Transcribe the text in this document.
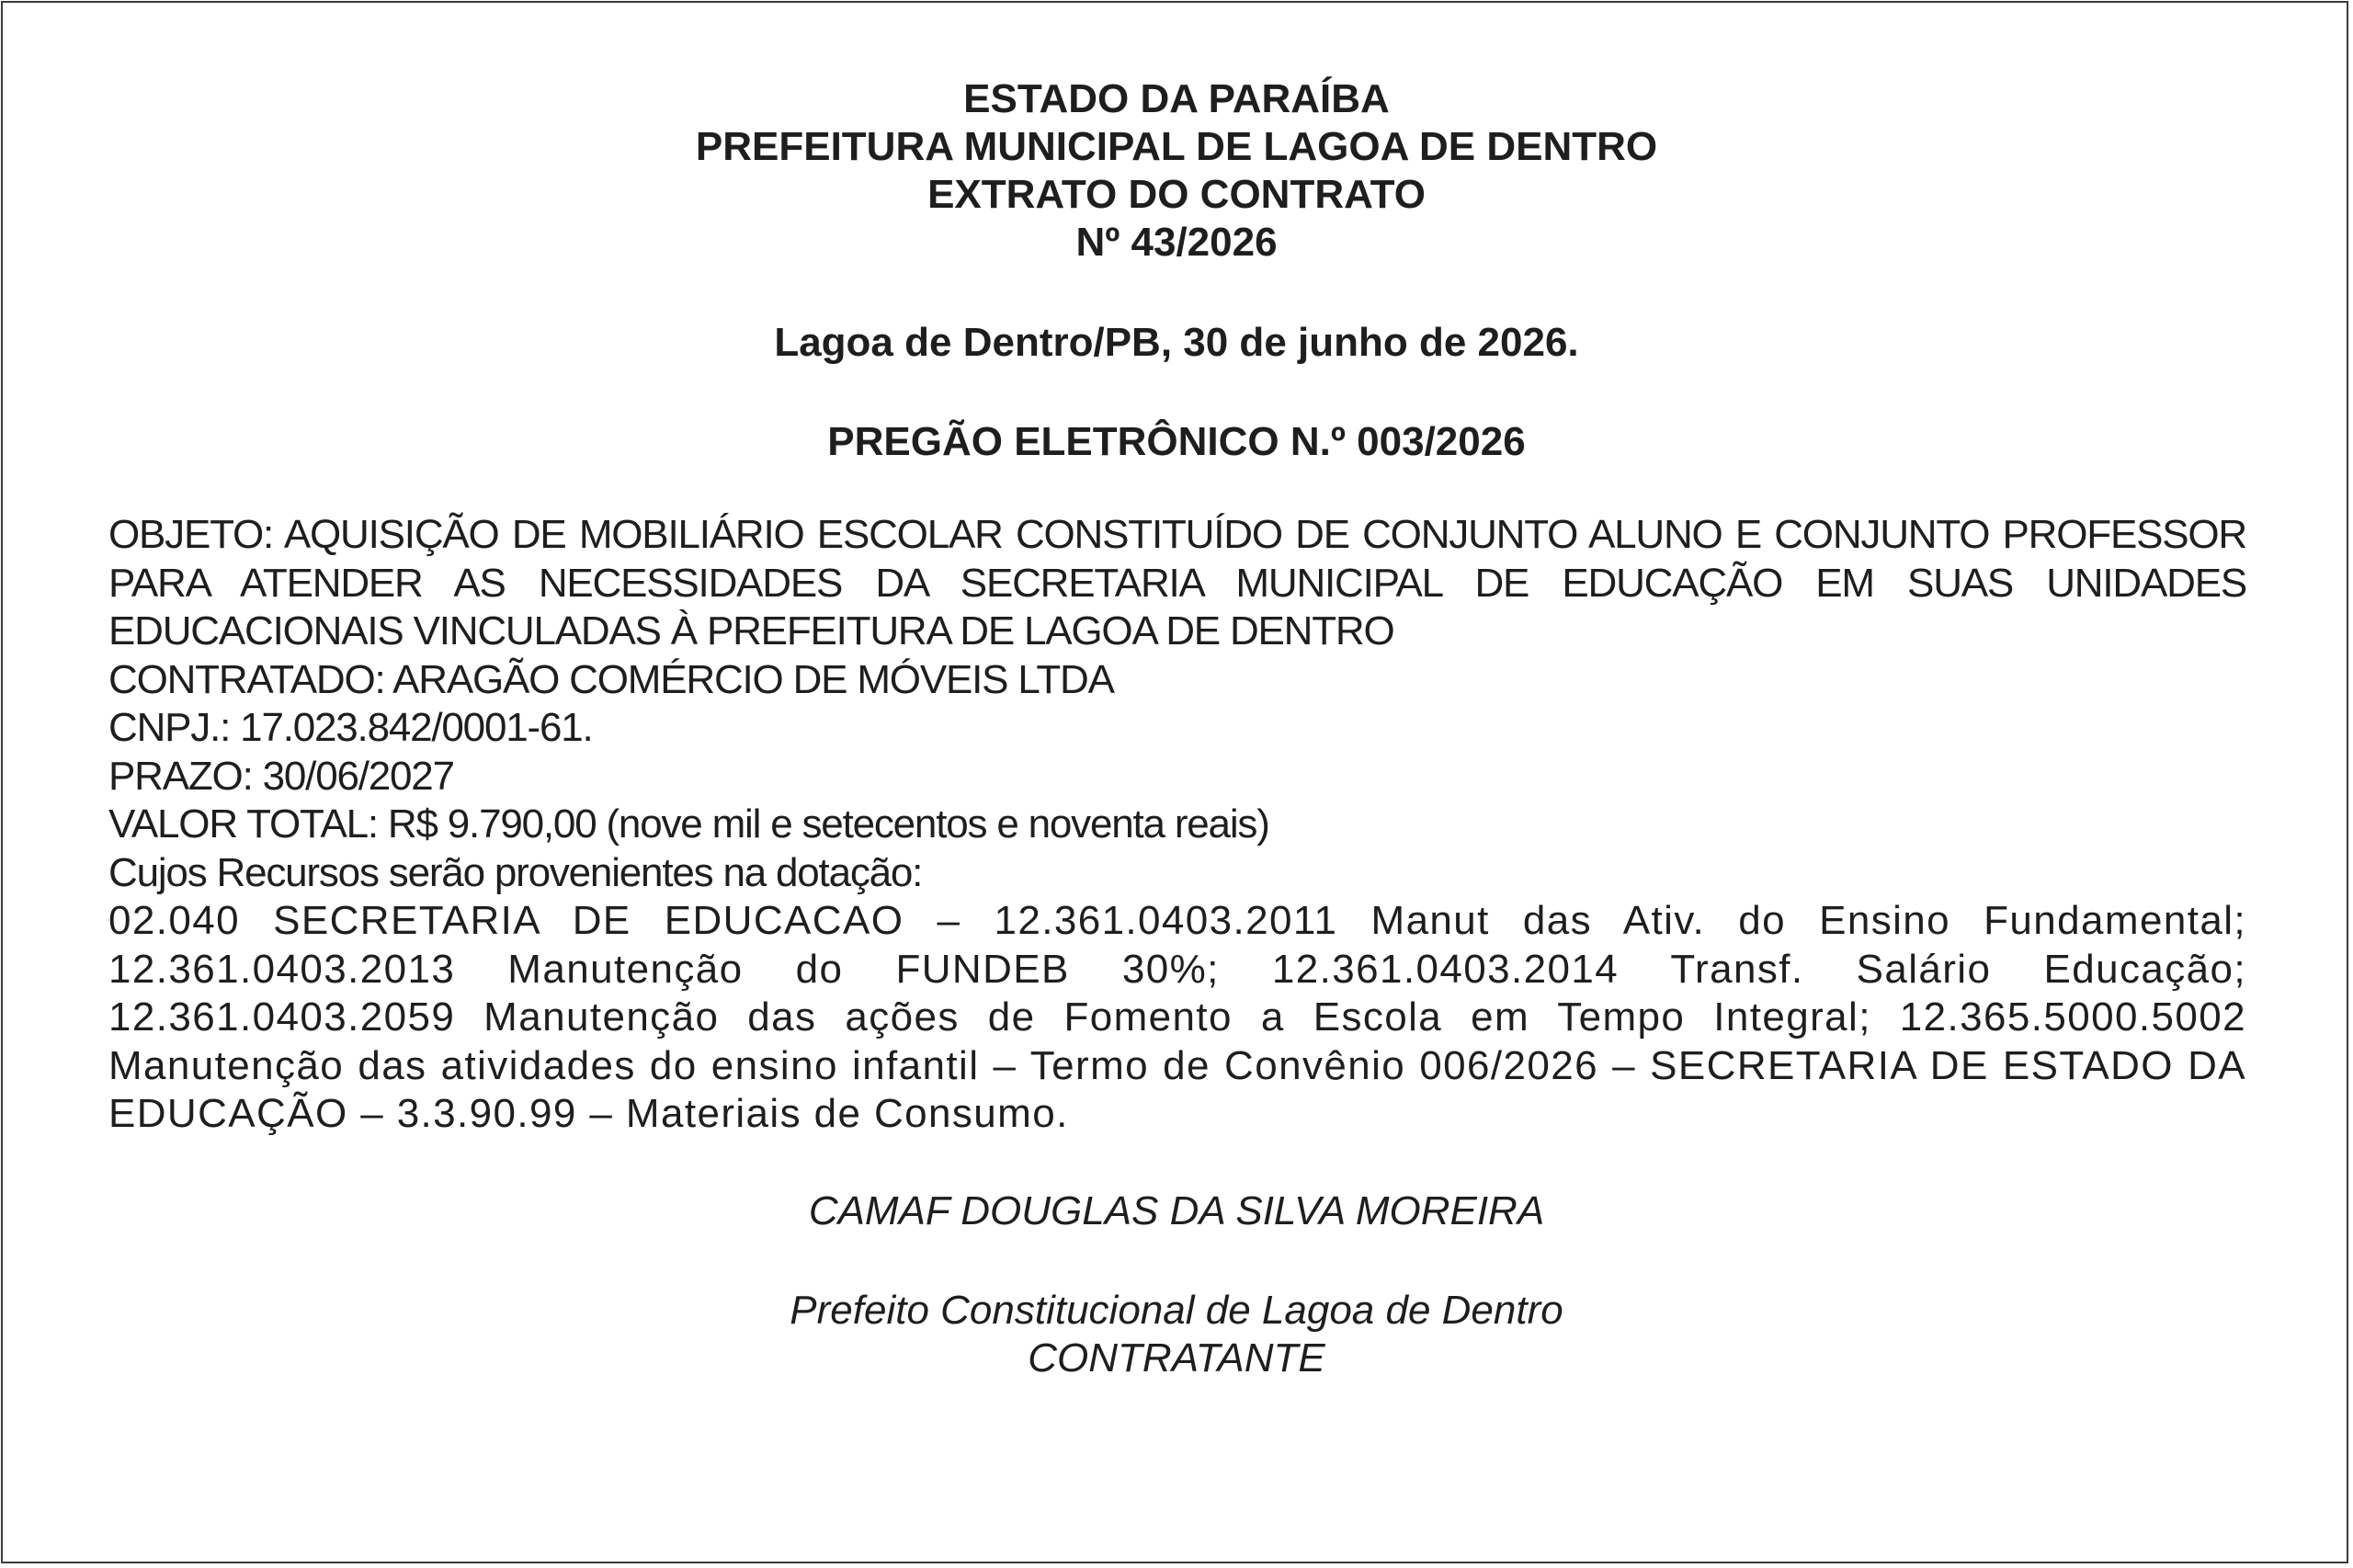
ESTADO DA PARAÍBA
PREFEITURA MUNICIPAL DE LAGOA DE DENTRO
EXTRATO DO CONTRATO
Nº 43/2026
Lagoa de Dentro/PB, 30 de junho de 2026.
PREGÃO ELETRÔNICO N.º 003/2026
OBJETO: AQUISIÇÃO DE MOBILIÁRIO ESCOLAR CONSTITUÍDO DE CONJUNTO ALUNO E CONJUNTO PROFESSOR PARA ATENDER AS NECESSIDADES DA SECRETARIA MUNICIPAL DE EDUCAÇÃO EM SUAS UNIDADES EDUCACIONAIS VINCULADAS À PREFEITURA DE LAGOA DE DENTRO
CONTRATADO: ARAGÃO COMÉRCIO DE MÓVEIS LTDA
CNPJ.: 17.023.842/0001-61.
PRAZO: 30/06/2027
VALOR TOTAL: R$ 9.790,00 (nove mil e setecentos e noventa reais)
Cujos Recursos serão provenientes na dotação:
02.040 SECRETARIA DE EDUCACAO – 12.361.0403.2011 Manut das Ativ. do Ensino Fundamental; 12.361.0403.2013 Manutenção do FUNDEB 30%; 12.361.0403.2014 Transf. Salário Educação; 12.361.0403.2059 Manutenção das ações de Fomento a Escola em Tempo Integral; 12.365.5000.5002 Manutenção das atividades do ensino infantil – Termo de Convênio 006/2026 – SECRETARIA DE ESTADO DA EDUCAÇÃO – 3.3.90.99 – Materiais de Consumo.
CAMAF DOUGLAS DA SILVA MOREIRA
Prefeito Constitucional de Lagoa de Dentro
CONTRATANTE
